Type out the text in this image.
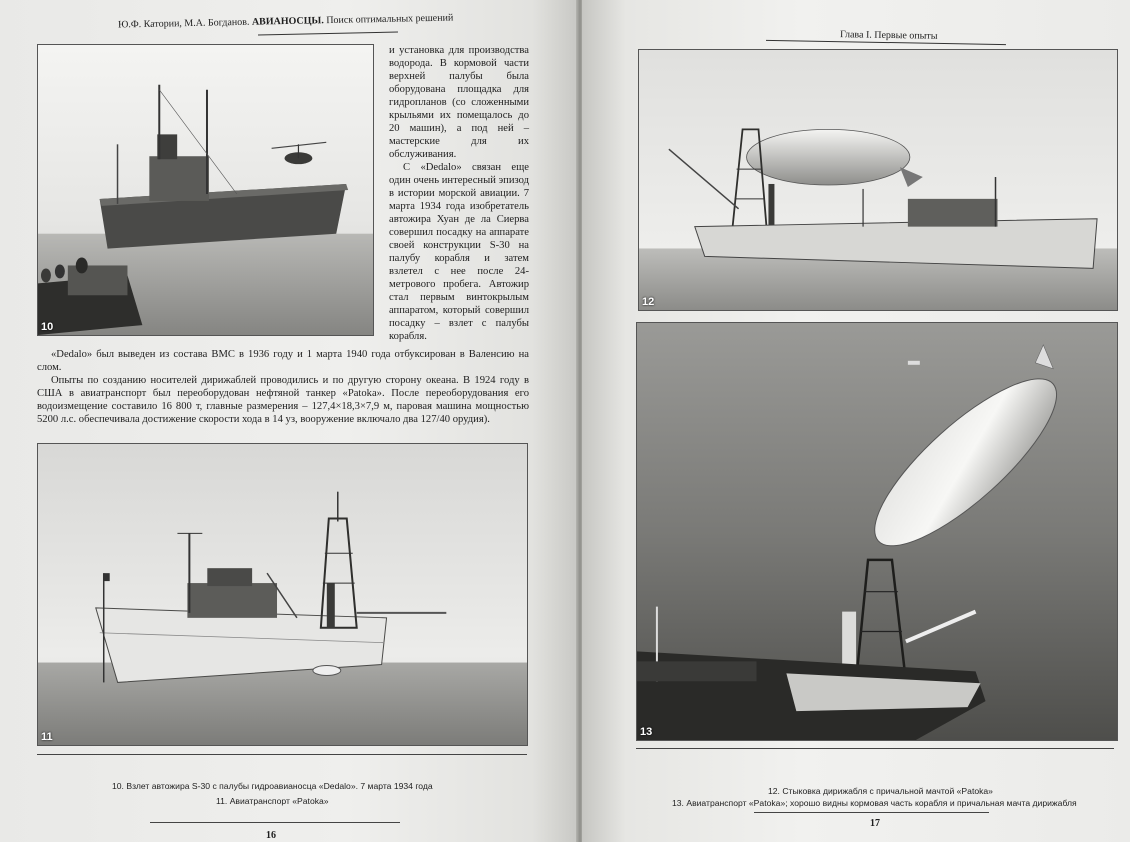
Ю.Ф. Катории, М.А. Богданов. АВИАНОСЦЫ. Поиск оптимальных решений
10

и установка для производства водорода. В кормовой части верхней палубы была оборудована площадка для гидропланов (со сложенными крыльями их помещалось до 20 машин), а под ней – мастерские для их обслуживания.

С «Dedalo» связан еще один очень интересный эпизод в истории морской авиации. 7 марта 1934 года изобретатель автожира Хуан де ла Сиерва совершил посадку на аппарате своей конструкции S-30 на палубу корабля и затем взлетел с нее после 24-метрового пробега. Автожир стал первым винтокрылым аппаратом, который совершил посадку – взлет с палубы корабля.

«Dedalo» был выведен из состава ВМС в 1936 году и 1 марта 1940 года отбуксирован в Валенсию на слом.

Опыты по созданию носителей дирижаблей проводились и по другую сторону океана. В 1924 году в США в авиатранспорт был переоборудован нефтяной танкер «Patoka». После переоборудования его водоизмещение составило 16 800 т, главные размерения – 127,4×18,3×7,9 м, паровая машина мощностью 5200 л.с. обеспечивала достижение скорости хода в 14 уз, вооружение включало два 127/40 орудия).

11
10. Взлет автожира S-30 с палубы гидроавианосца «Dedalo». 7 марта 1934 года
11. Авиатранспорт «Patoka»
16
Глава I. Первые опыты
12
13
12. Стыковка дирижабля с причальной мачтой «Patoka»
13. Авиатранспорт «Patoka»; хорошо видны кормовая часть корабля и причальная мачта дирижабля
17
